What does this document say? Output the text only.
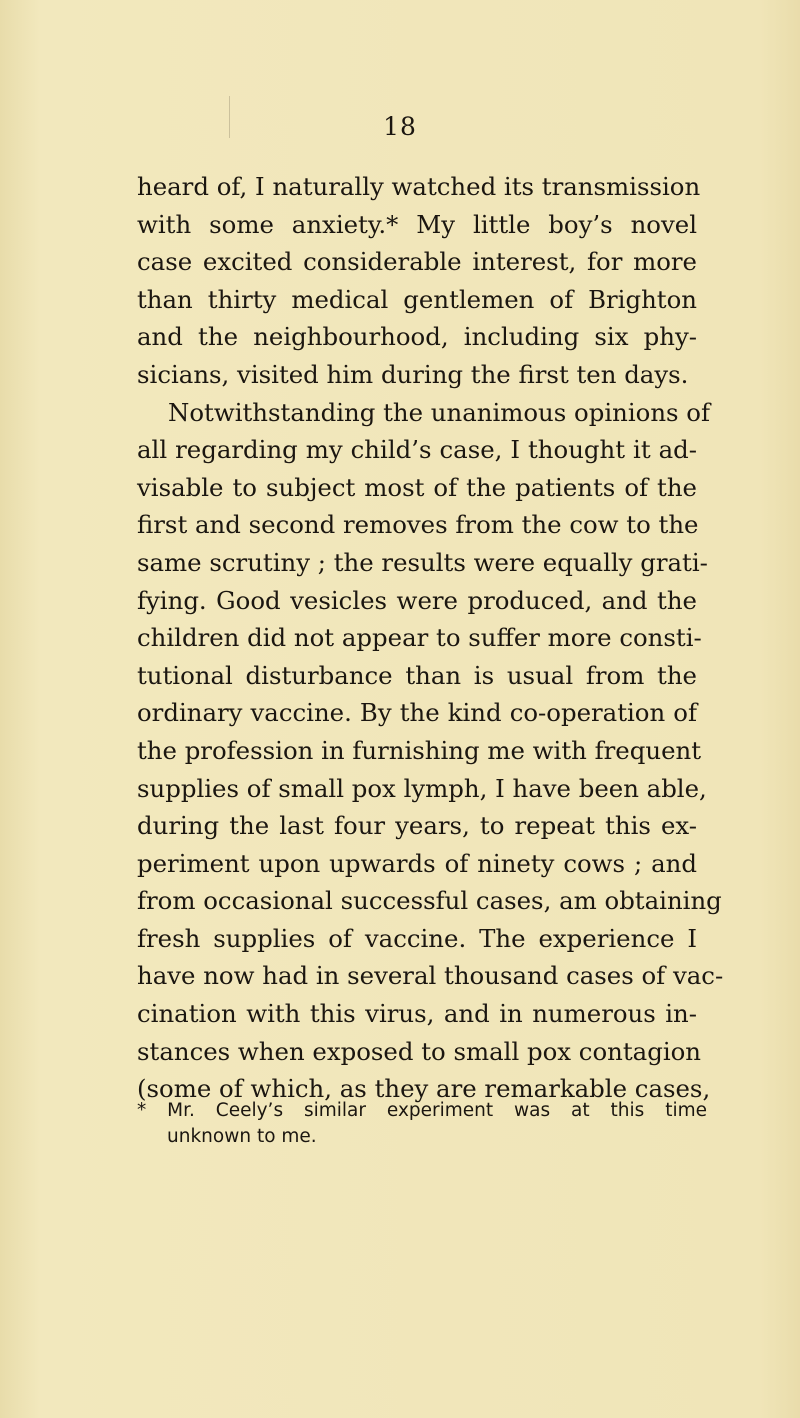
18
heard of, I naturally watched its transmission
with some anxiety.* My little boy’s novel
case excited considerable interest, for more
than thirty medical gentlemen of Brighton
and the neighbourhood, including six phy-
sicians, visited him during the first ten days.
Notwithstanding the unanimous opinions of
all regarding my child’s case, I thought it ad-
visable to subject most of the patients of the
first and second removes from the cow to the
same scrutiny ; the results were equally grati-
fying. Good vesicles were produced, and the
children did not appear to suffer more consti-
tutional disturbance than is usual from the
ordinary vaccine. By the kind co-operation of
the profession in furnishing me with frequent
supplies of small pox lymph, I have been able,
during the last four years, to repeat this ex-
periment upon upwards of ninety cows ; and
from occasional successful cases, am obtaining
fresh supplies of vaccine. The experience I
have now had in several thousand cases of vac-
cination with this virus, and in numerous in-
stances when exposed to small pox contagion
(some of which, as they are remarkable cases,
* Mr. Ceely’s similar experiment was at this time
unknown to me.
